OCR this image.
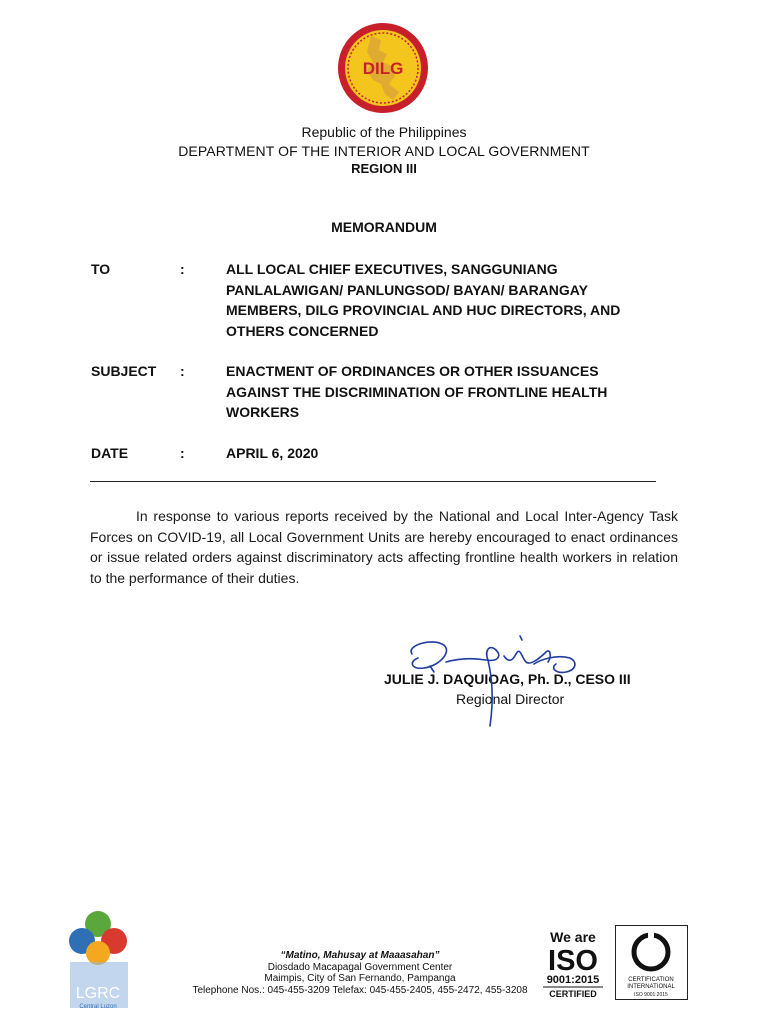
DILG
Republic of the Philippines
DEPARTMENT OF THE INTERIOR AND LOCAL GOVERNMENT
REGION III
MEMORANDUM
TO	:	ALL LOCAL CHIEF EXECUTIVES, SANGGUNIANG
PANLALAWIGAN/ PANLUNGSOD/ BAYAN/ BARANGAY
MEMBERS, DILG PROVINCIAL AND HUC DIRECTORS, AND
OTHERS CONCERNED
SUBJECT :	ENACTMENT OF ORDINANCES OR OTHER ISSUANCES
AGAINST THE DISCRIMINATION OF FRONTLINE HEALTH
WORKERS
DATE	:	APRIL 6, 2020

In response to various reports received by the National and Local Inter-Agency Task Forces on COVID-19, all Local Government Units are hereby encouraged to enact ordinances or issue related orders against discriminatory acts affecting frontline health workers in relation to the performance of their duties.

JULIE J. DAQUIOAG, Ph. D., CESO III
Regional Director
“Matino, Mahusay at Maaasahan”
Diosdado Macapagal Government Center
Maimpis, City of San Fernando, Pampanga
Telephone Nos.: 045-455-3209 Telefax: 045-455-2405, 455-2472, 455-3208
LGRC
Central Luzon
We are
ISO
9001:2015
CERTIFIED
CERTIFICATION
INTERNATIONAL
ISO 9001:2015
